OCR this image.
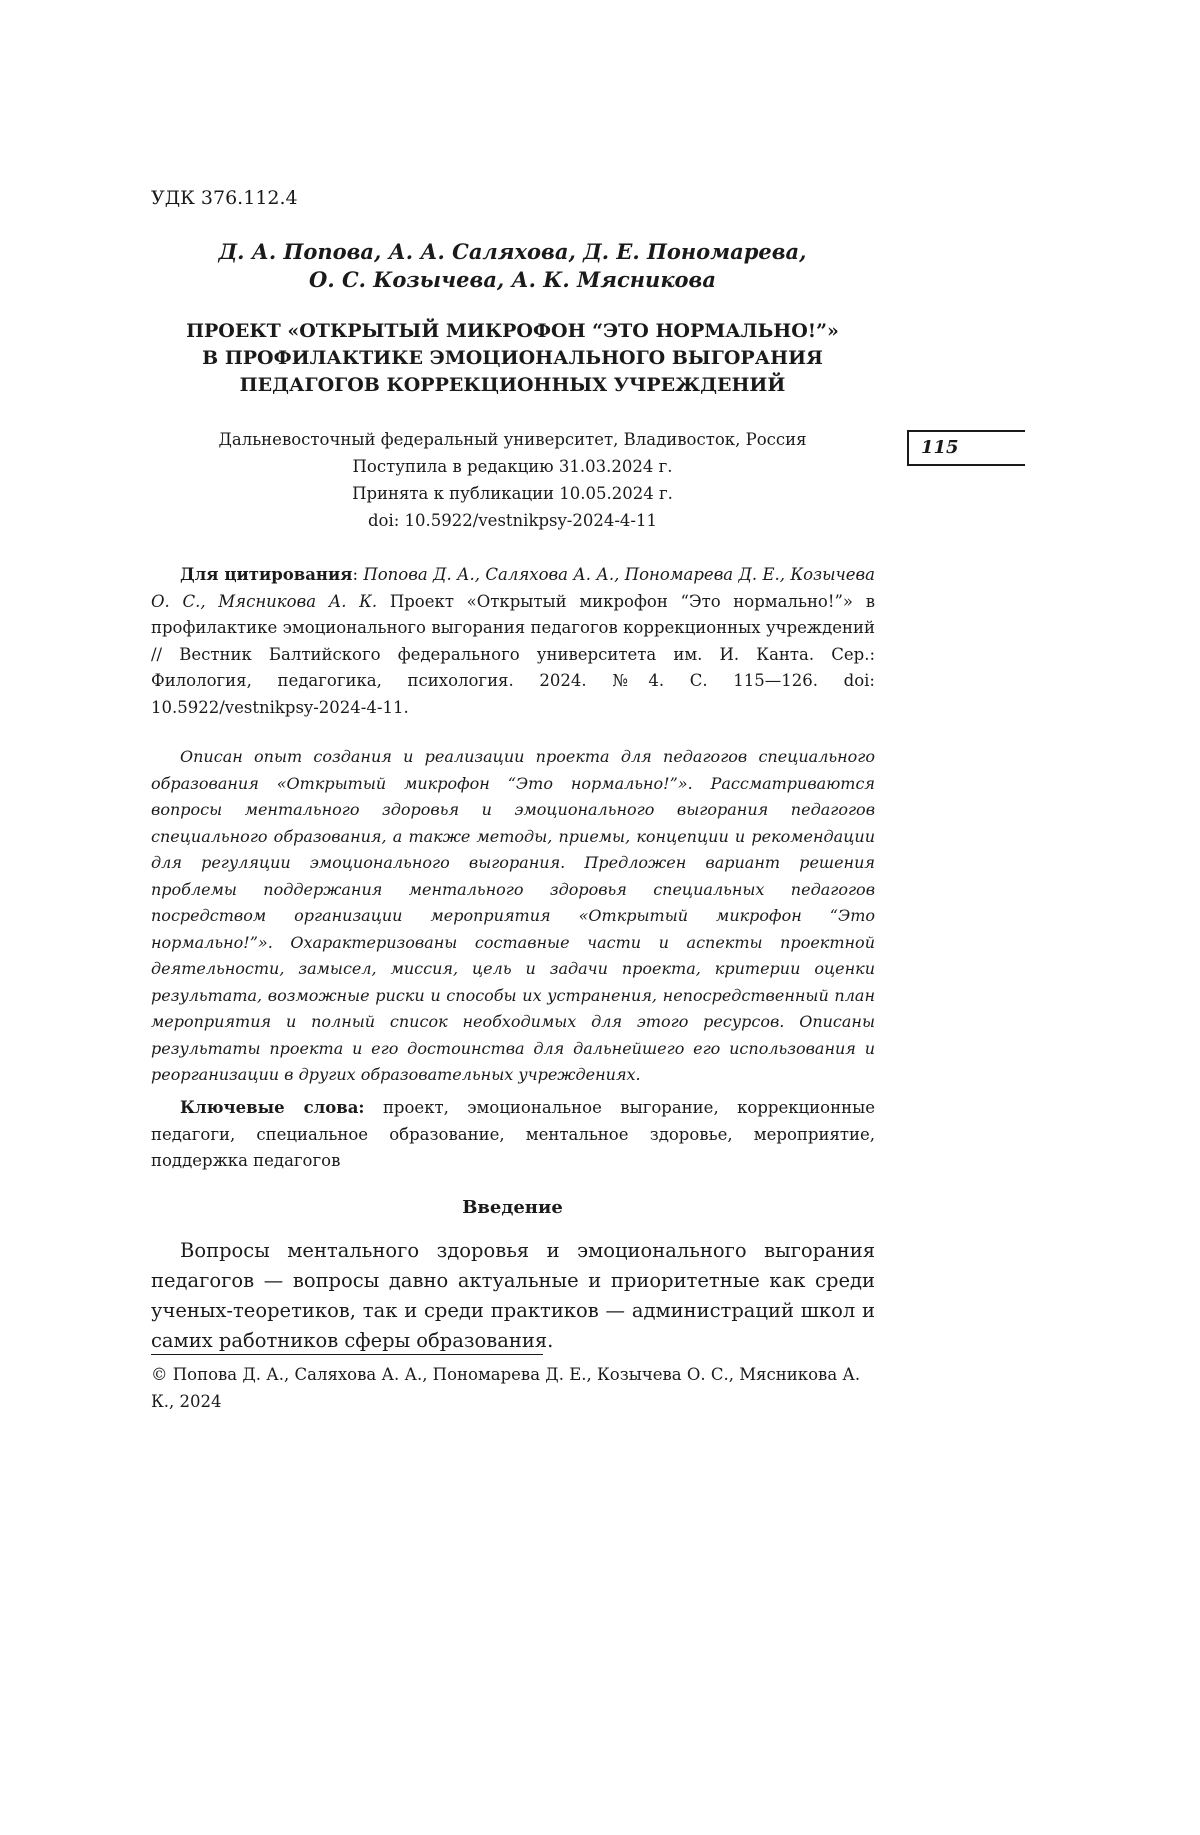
УДК 376.112.4
Д. А. Попова, А. А. Саляхова, Д. Е. Пономарева,
О. С. Козычева, А. К. Мясникова
ПРОЕКТ «ОТКРЫТЫЙ МИКРОФОН “ЭТО НОРМАЛЬНО!”»
В ПРОФИЛАКТИКЕ ЭМОЦИОНАЛЬНОГО ВЫГОРАНИЯ
ПЕДАГОГОВ КОРРЕКЦИОННЫХ УЧРЕЖДЕНИЙ
Дальневосточный федеральный университет, Владивосток, Россия
Поступила в редакцию 31.03.2024 г.
Принята к публикации 10.05.2024 г.
doi: 10.5922/vestnikpsy-2024-4-11
115
Для цитирования: Попова Д. А., Саляхова А. А., Пономарева Д. Е., Козычева О. С., Мясникова А. К. Проект «Открытый микрофон “Это нормально!”» в профилактике эмоционального выгорания педагогов коррекционных учреждений // Вестник Балтийского федерального университета им. И. Канта. Сер.: Филология, педагогика, психология. 2024. №4. С. 115—126. doi: 10.5922/vestnikpsy-2024-4-11.
Описан опыт создания и реализации проекта для педагогов специального образования «Открытый микрофон “Это нормально!”». Рассматриваются вопросы ментального здоровья и эмоционального выгорания педагогов специального образования, а также методы, приемы, концепции и рекомендации для регуляции эмоционального выгорания. Предложен вариант решения проблемы поддержания ментального здоровья специальных педагогов посредством организации мероприятия «Открытый микрофон “Это нормально!”». Охарактеризованы составные части и аспекты проектной деятельности, замысел, миссия, цель и задачи проекта, критерии оценки результата, возможные риски и способы их устранения, непосредственный план мероприятия и полный список необходимых для этого ресурсов. Описаны результаты проекта и его достоинства для дальнейшего его использования и реорганизации в других образовательных учреждениях.
Ключевые слова: проект, эмоциональное выгорание, коррекционные педагоги, специальное образование, ментальное здоровье, мероприятие, поддержка педагогов
Введение
Вопросы ментального здоровья и эмоционального выгорания педагогов — вопросы давно актуальные и приоритетные как среди ученых-теоретиков, так и среди практиков — администраций школ и самих работников сферы образования.
© Попова Д. А., Саляхова А. А., Пономарева Д. Е., Козычева О. С., Мясникова А. К., 2024
